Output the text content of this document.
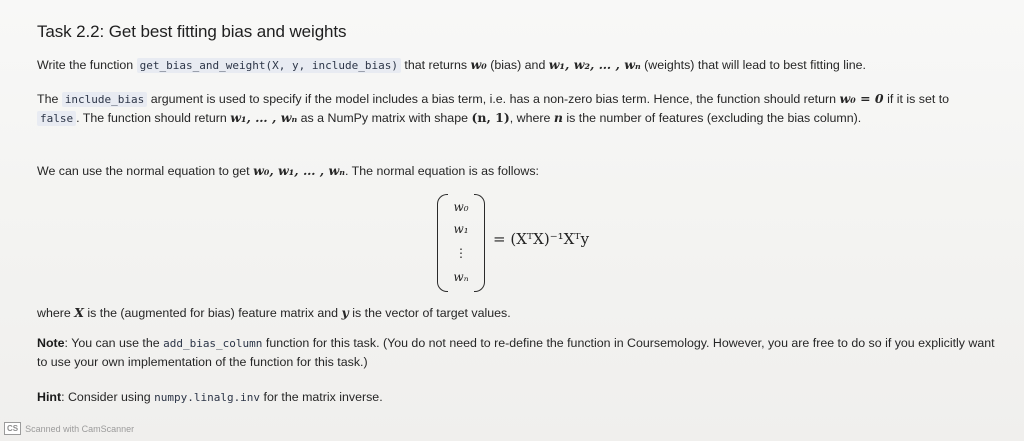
Task 2.2: Get best fitting bias and weights

Write the function get_bias_and_weight(X, y, include_bias) that returns w₀ (bias) and w₁, w₂, … , wₙ (weights) that will lead to best fitting line.

The include_bias argument is used to specify if the model includes a bias term, i.e. has a non-zero bias term. Hence, the function should return w₀ = 0 if it is set to false . The function should return w₁, … , wₙ as a NumPy matrix with shape (n, 1), where n is the number of features (excluding the bias column).

We can use the normal equation to get w₀, w₁, … , wₙ. The normal equation is as follows:

w₀
w₁
⋮
wₙ
= (XᵀX)⁻¹Xᵀy

where X is the (augmented for bias) feature matrix and y is the vector of target values.

Note: You can use the add_bias_column function for this task. (You do not need to re-define the function in Coursemology. However, you are free to do so if you explicitly want to use your own implementation of the function for this task.)

Hint: Consider using numpy.linalg.inv for the matrix inverse.

CS Scanned with CamScanner
